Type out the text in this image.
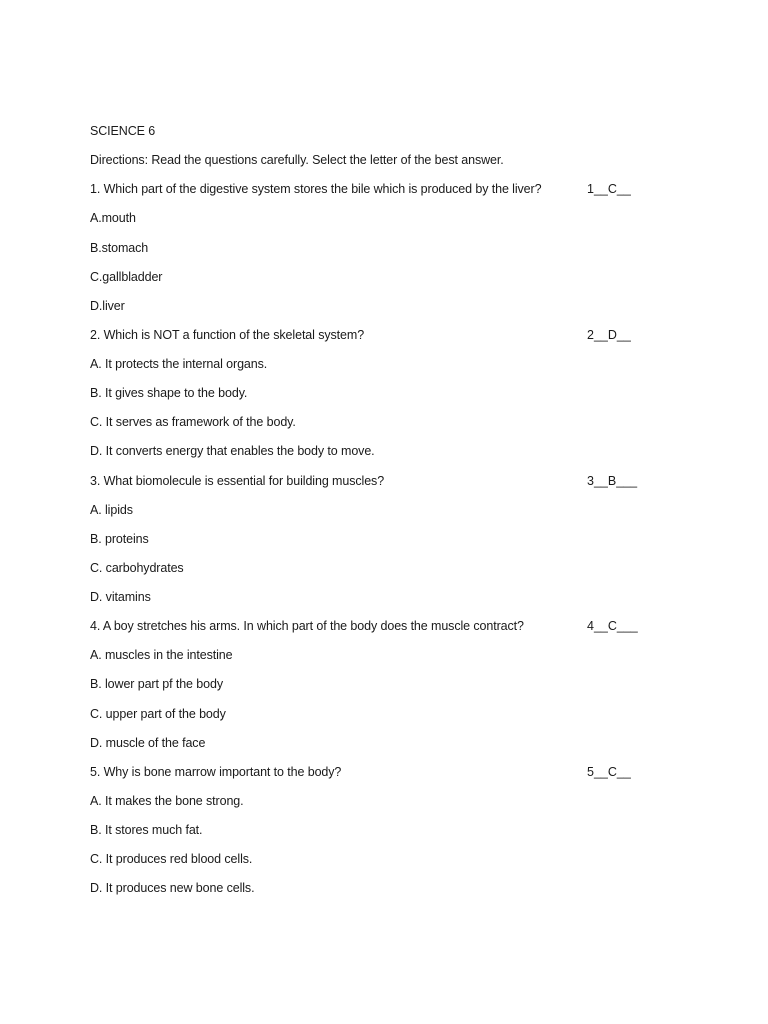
SCIENCE 6
Directions: Read the questions carefully. Select the letter of the best answer.
1. Which part of the digestive system stores the bile which is produced by the liver?	1__C__
A.mouth
B.stomach
C.gallbladder
D.liver
2. Which is NOT a function of the skeletal system?	2__D__
A. It protects the internal organs.
B. It gives shape to the body.
C. It serves as framework of the body.
D. It converts energy that enables the body to move.
3. What biomolecule is essential for building muscles?	3__B___
A. lipids
B. proteins
C. carbohydrates
D. vitamins
4. A boy stretches his arms. In which part of the body does the muscle contract?	4__C___
A. muscles in the intestine
B. lower part pf the body
C. upper part of the body
D. muscle of the face
5. Why is bone marrow important to the body?	5__C__
A. It makes the bone strong.
B. It stores much fat.
C. It produces red blood cells.
D. It produces new bone cells.
